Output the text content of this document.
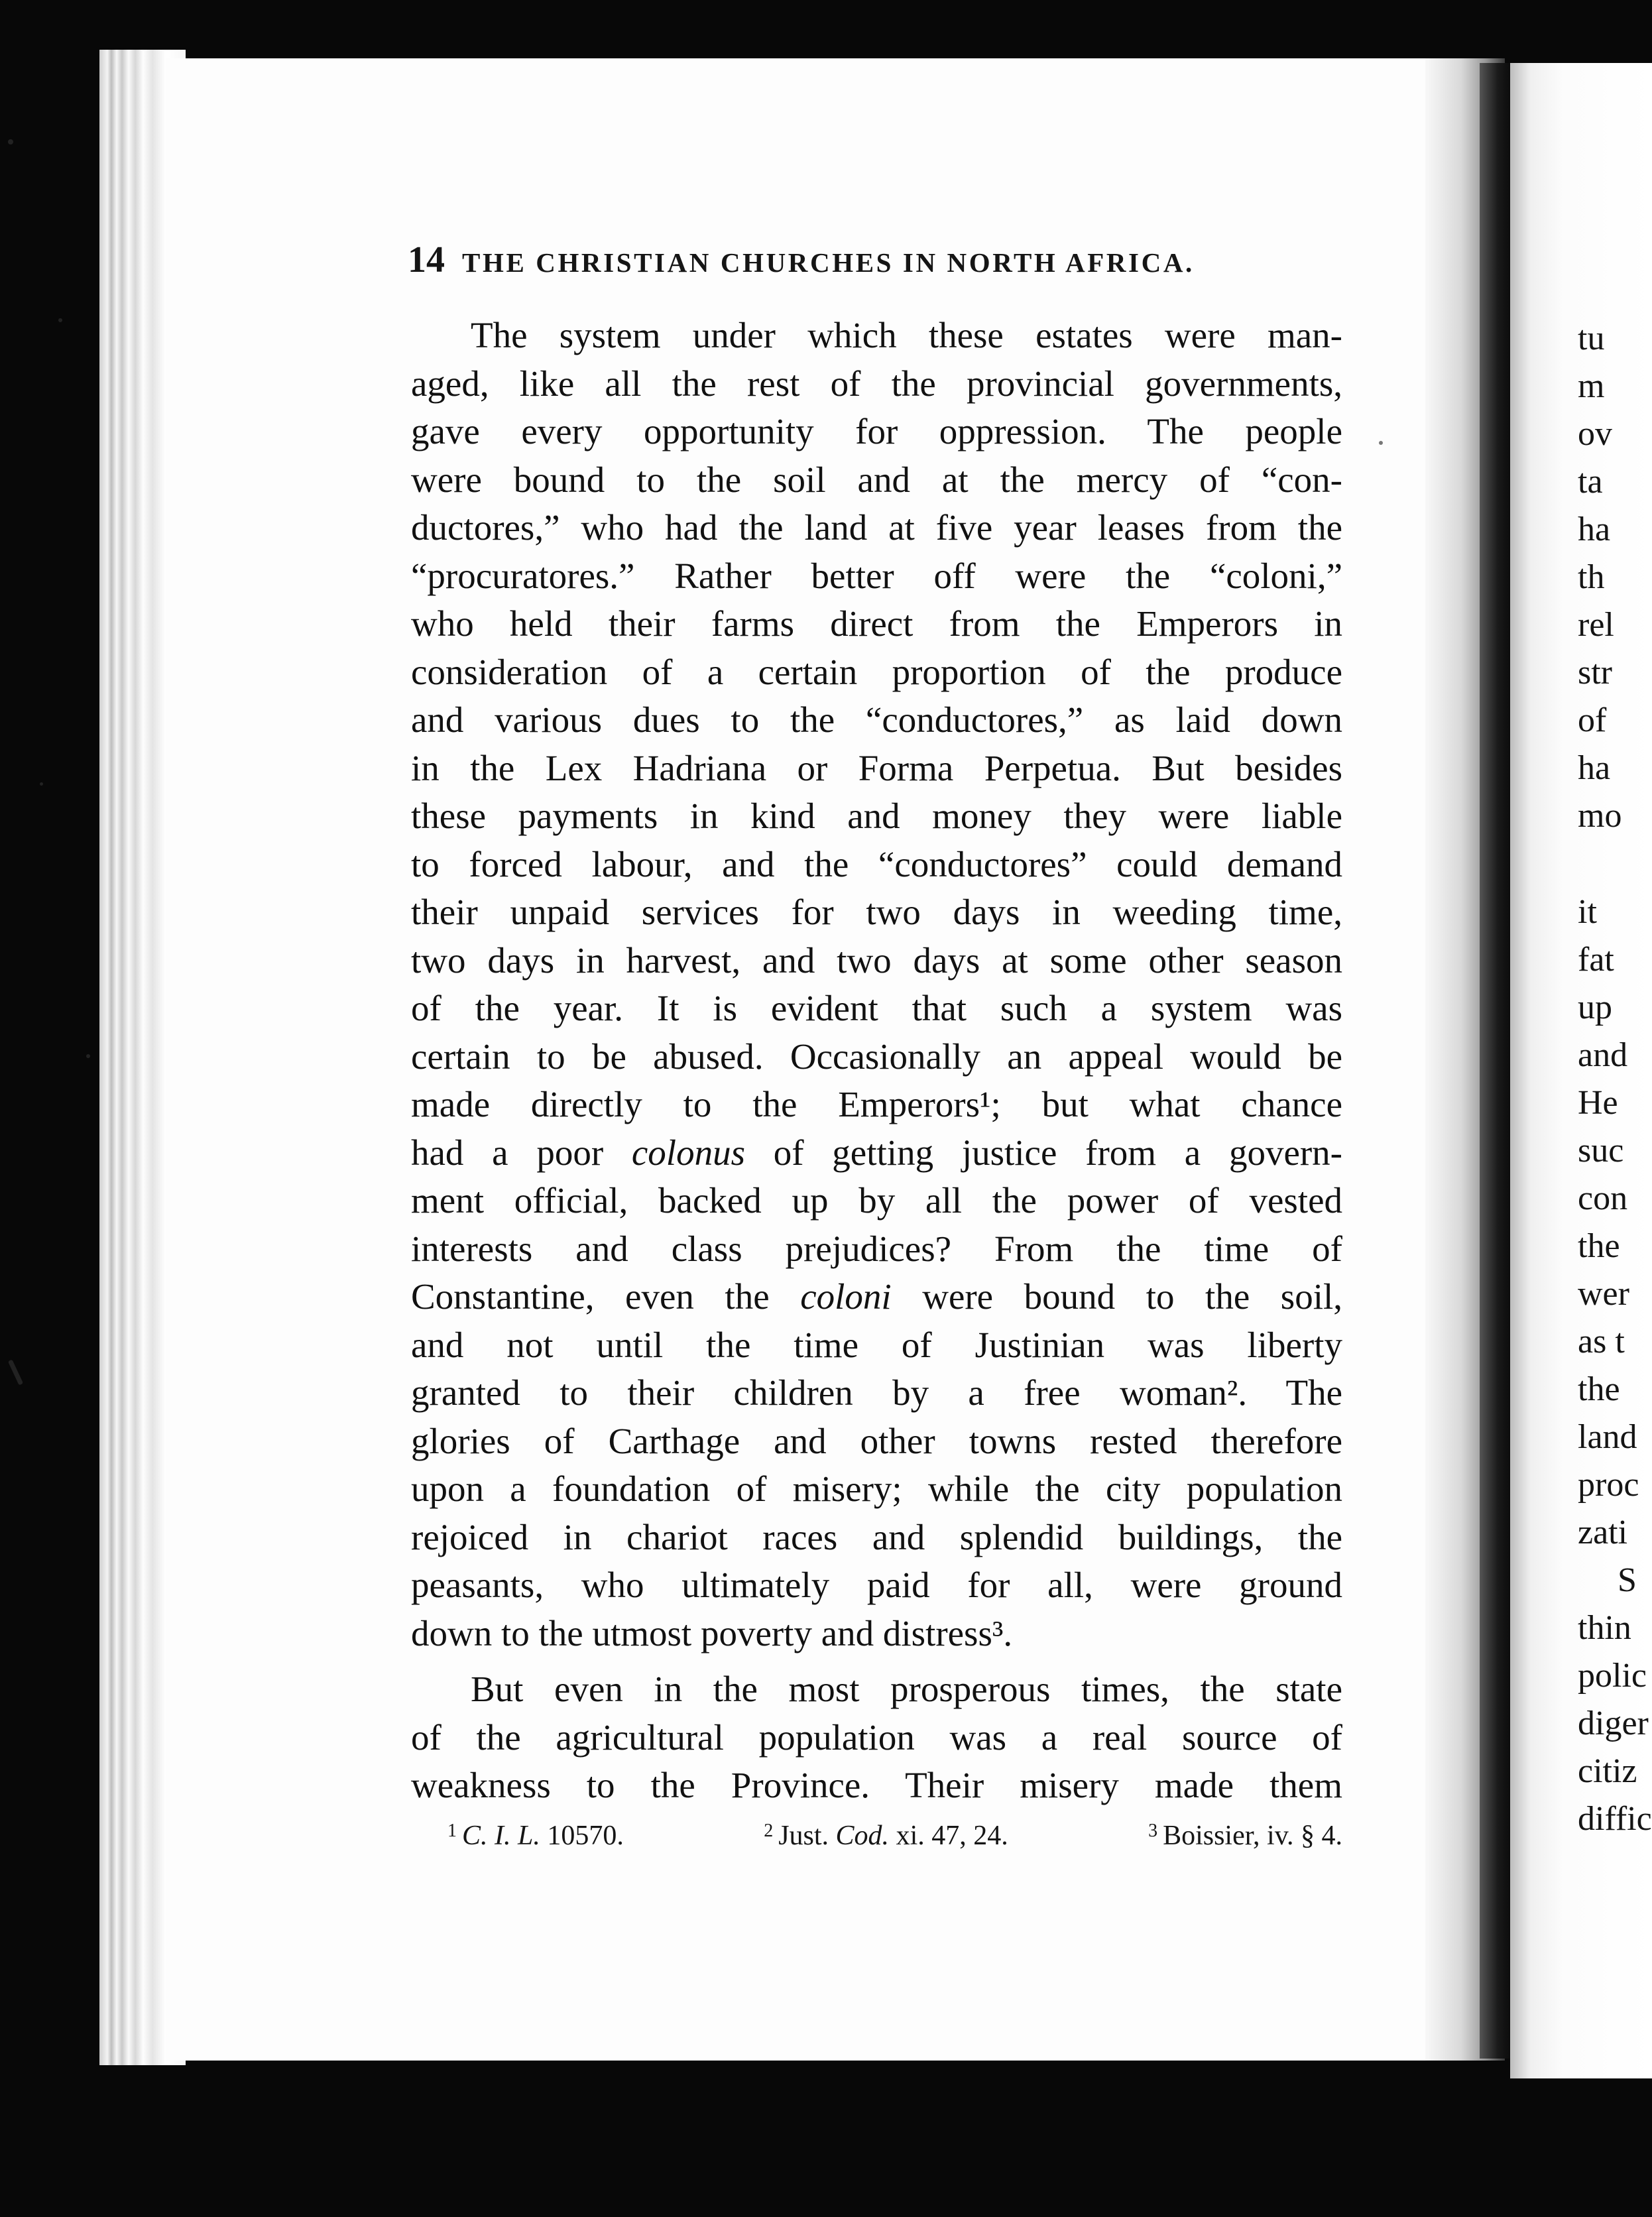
14 THE CHRISTIAN CHURCHES IN NORTH AFRICA.
The system under which these estates were man-
aged, like all the rest of the provincial governments,
gave every opportunity for oppression. The people
were bound to the soil and at the mercy of “con-
ductores,” who had the land at five year leases from the
“procuratores.” Rather better off were the “coloni,”
who held their farms direct from the Emperors in
consideration of a certain proportion of the produce
and various dues to the “conductores,” as laid down
in the Lex Hadriana or Forma Perpetua. But besides
these payments in kind and money they were liable
to forced labour, and the “conductores” could demand
their unpaid services for two days in weeding time,
two days in harvest, and two days at some other season
of the year. It is evident that such a system was
certain to be abused. Occasionally an appeal would be
made directly to the Emperors¹; but what chance
had a poor colonus of getting justice from a govern-
ment official, backed up by all the power of vested
interests and class prejudices? From the time of
Constantine, even the coloni were bound to the soil,
and not until the time of Justinian was liberty
granted to their children by a free woman². The
glories of Carthage and other towns rested therefore
upon a foundation of misery; while the city population
rejoiced in chariot races and splendid buildings, the
peasants, who ultimately paid for all, were ground
down to the utmost poverty and distress³.
But even in the most prosperous times, the state
of the agricultural population was a real source of
weakness to the Province. Their misery made them
$^1$ C. I. L. 10570.	$^2$ Just. Cod. xi. 47, 24.	$^3$ Boissier, iv. § 4.
tu
m
ov
ta
ha
th
rel
str
of
ha
mo
it
fat
up
and
He
suc
con
the
wer
as t
the
land
proc
zati
S
thin
polic
diger
citiz
diffic
